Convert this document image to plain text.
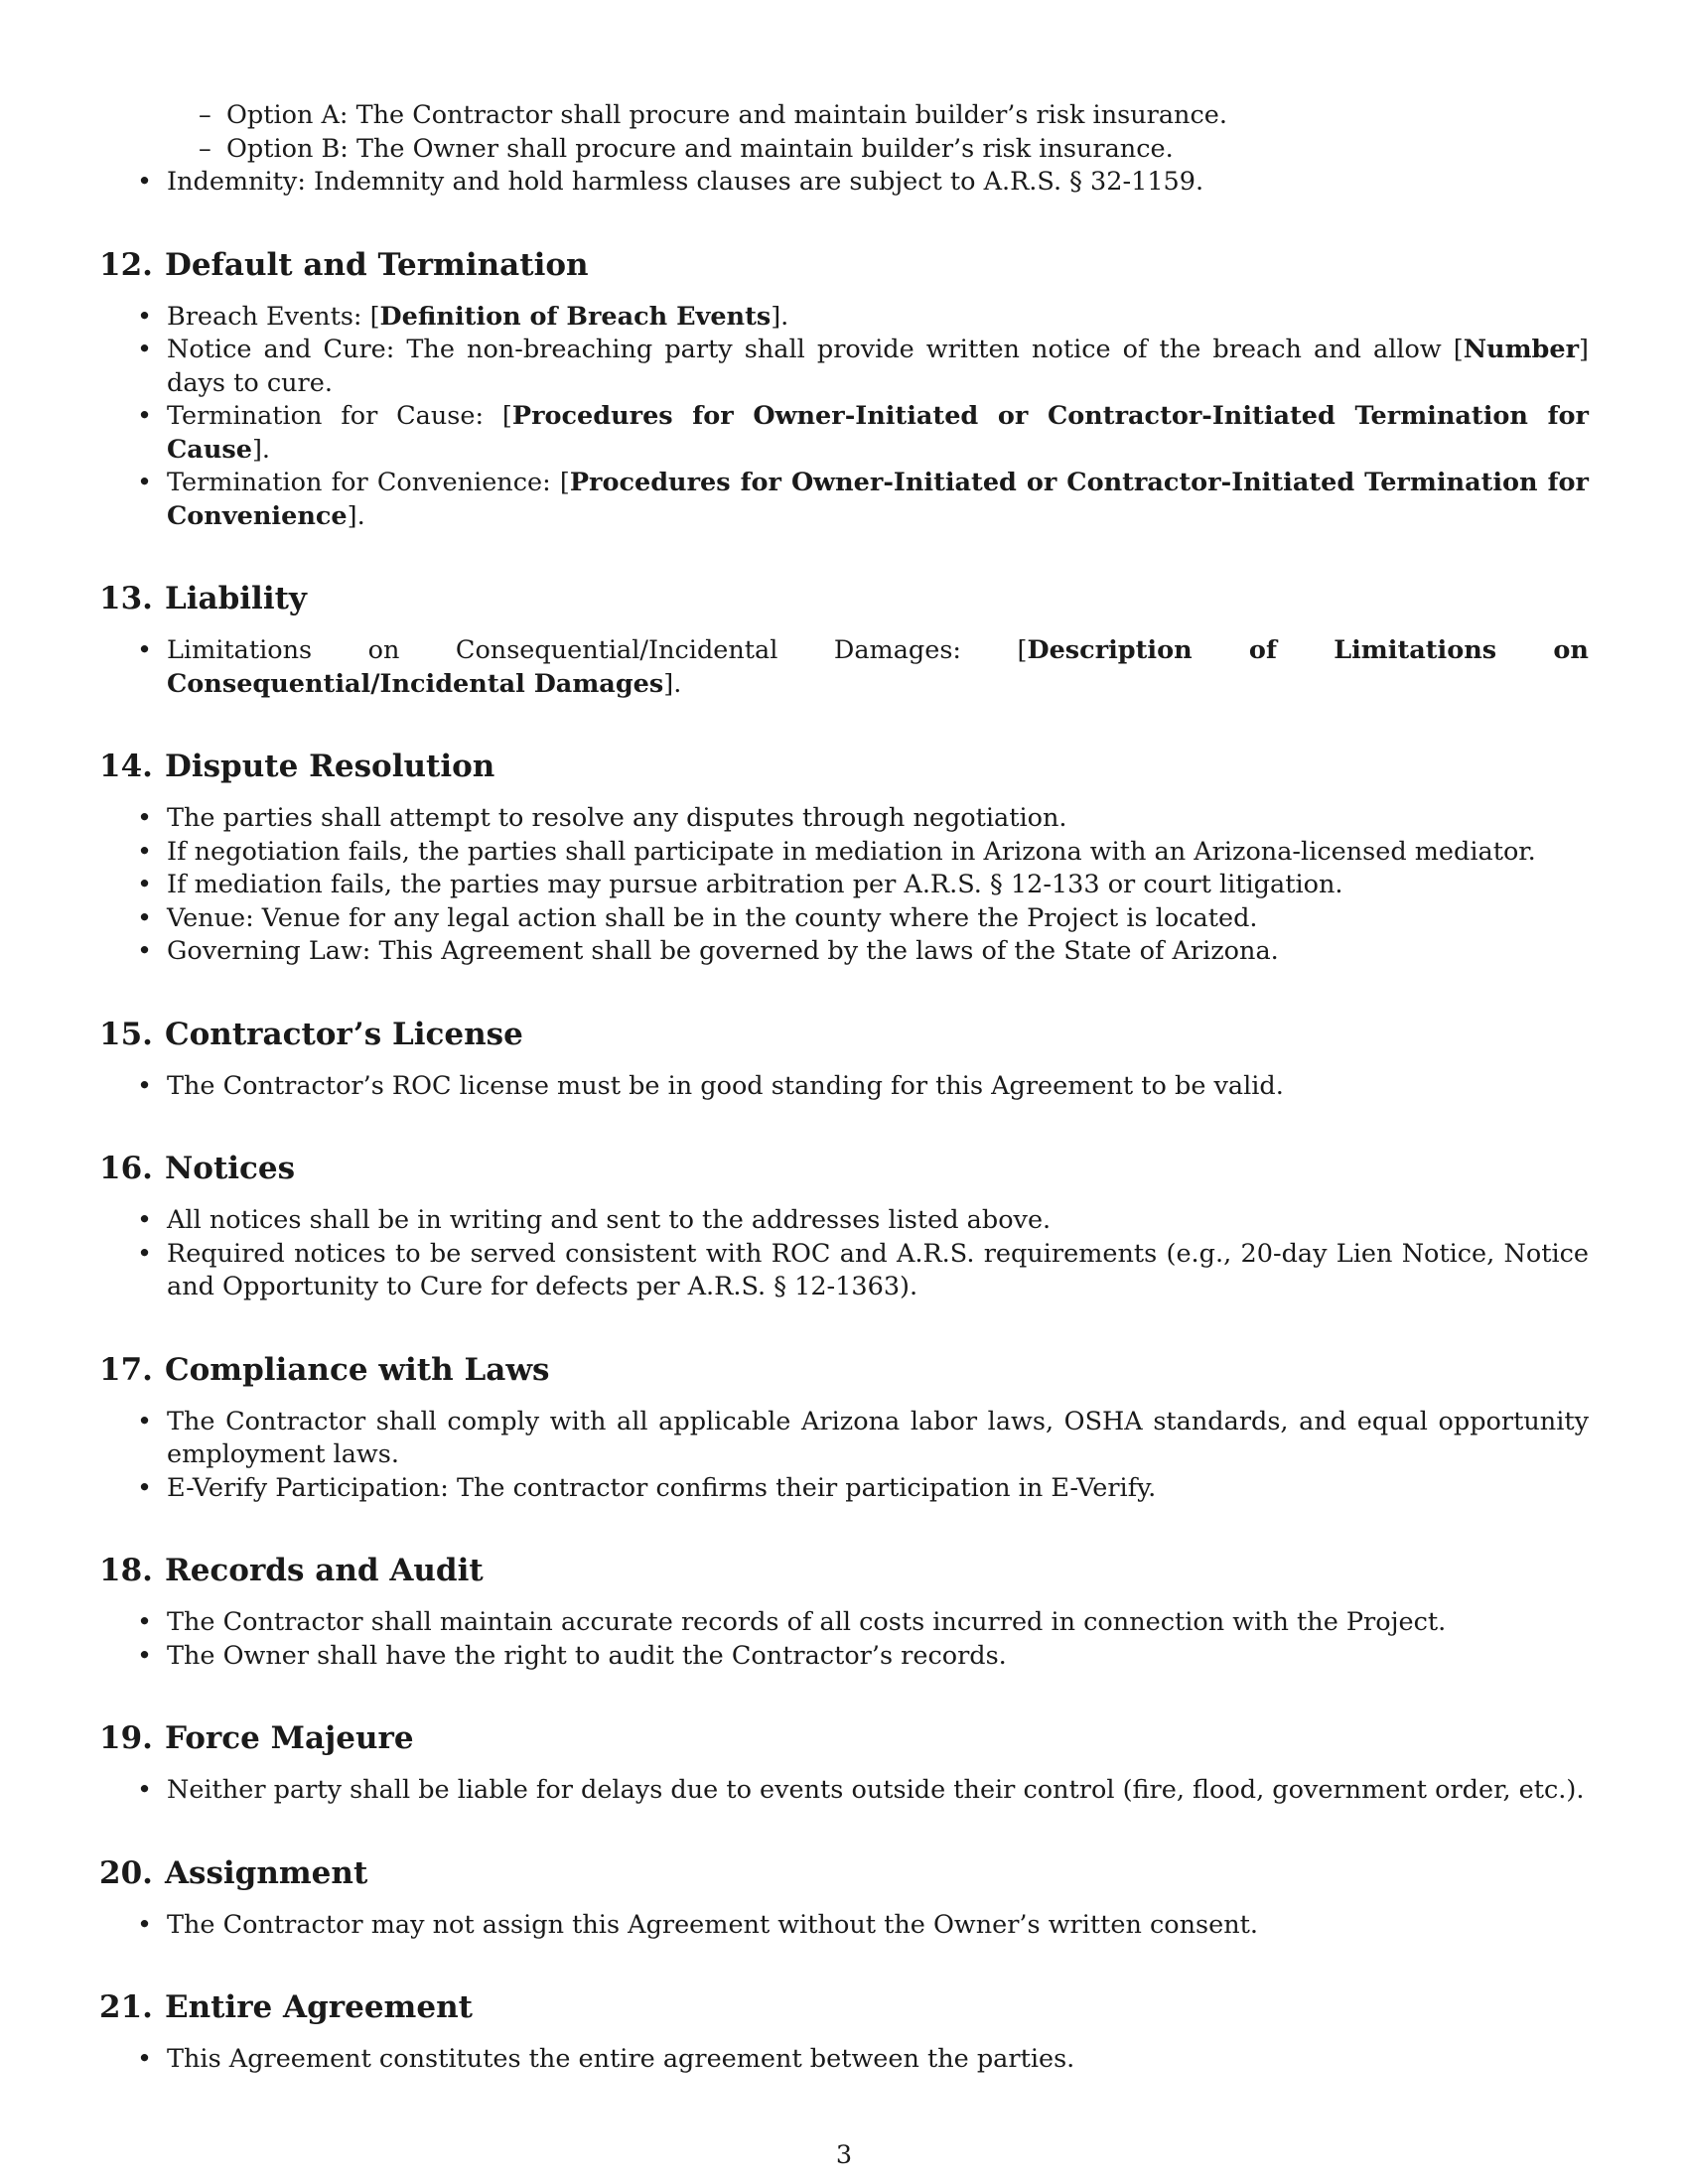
– Option A: The Contractor shall procure and maintain builder’s risk insurance.
– Option B: The Owner shall procure and maintain builder’s risk insurance.
• Indemnity: Indemnity and hold harmless clauses are subject to A.R.S. § 32-1159.
12. Default and Termination
• Breach Events: [Definition of Breach Events].
• Notice and Cure: The non-breaching party shall provide written notice of the breach and allow [Number] days to cure.
• Termination for Cause: [Procedures for Owner-Initiated or Contractor-Initiated Termination for Cause].
• Termination for Convenience: [Procedures for Owner-Initiated or Contractor-Initiated Termination for Convenience].
13. Liability
• Limitations on Consequential/Incidental Damages: [Description of Limitations on Consequential/Incidental Damages].
14. Dispute Resolution
• The parties shall attempt to resolve any disputes through negotiation.
• If negotiation fails, the parties shall participate in mediation in Arizona with an Arizona-licensed mediator.
• If mediation fails, the parties may pursue arbitration per A.R.S. § 12-133 or court litigation.
• Venue: Venue for any legal action shall be in the county where the Project is located.
• Governing Law: This Agreement shall be governed by the laws of the State of Arizona.
15. Contractor’s License
• The Contractor’s ROC license must be in good standing for this Agreement to be valid.
16. Notices
• All notices shall be in writing and sent to the addresses listed above.
• Required notices to be served consistent with ROC and A.R.S. requirements (e.g., 20-day Lien Notice, Notice and Opportunity to Cure for defects per A.R.S. § 12-1363).
17. Compliance with Laws
• The Contractor shall comply with all applicable Arizona labor laws, OSHA standards, and equal opportunity employment laws.
• E-Verify Participation: The contractor confirms their participation in E-Verify.
18. Records and Audit
• The Contractor shall maintain accurate records of all costs incurred in connection with the Project.
• The Owner shall have the right to audit the Contractor’s records.
19. Force Majeure
• Neither party shall be liable for delays due to events outside their control (fire, flood, government order, etc.).
20. Assignment
• The Contractor may not assign this Agreement without the Owner’s written consent.
21. Entire Agreement
• This Agreement constitutes the entire agreement between the parties.
3
